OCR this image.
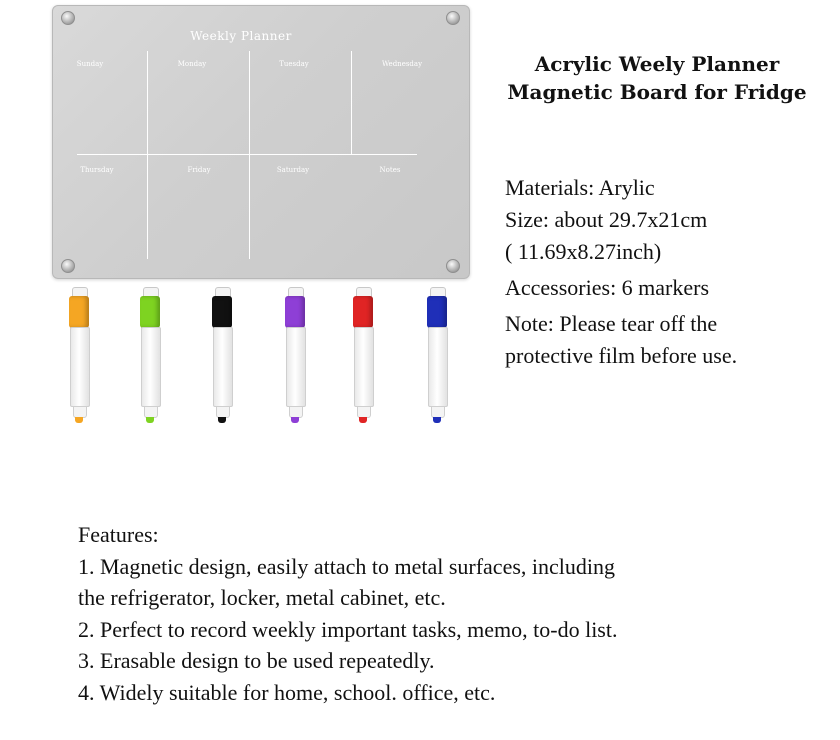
Weekly Planner
Sunday	Monday	Tuesday	Wednesday
Thursday	Friday	Saturday	Notes
Acrylic Weely Planner
Magnetic Board for Fridge
Materials: Arylic
Size: about 29.7x21cm
( 11.69x8.27inch)
Accessories: 6 markers
Note: Please tear off the
protective film before use.
Features:
1. Magnetic design, easily attach to metal surfaces, including
the refrigerator, locker, metal cabinet, etc.
2. Perfect to record weekly important tasks, memo, to-do list.
3. Erasable design to be used repeatedly.
4. Widely suitable for home, school. office, etc.
